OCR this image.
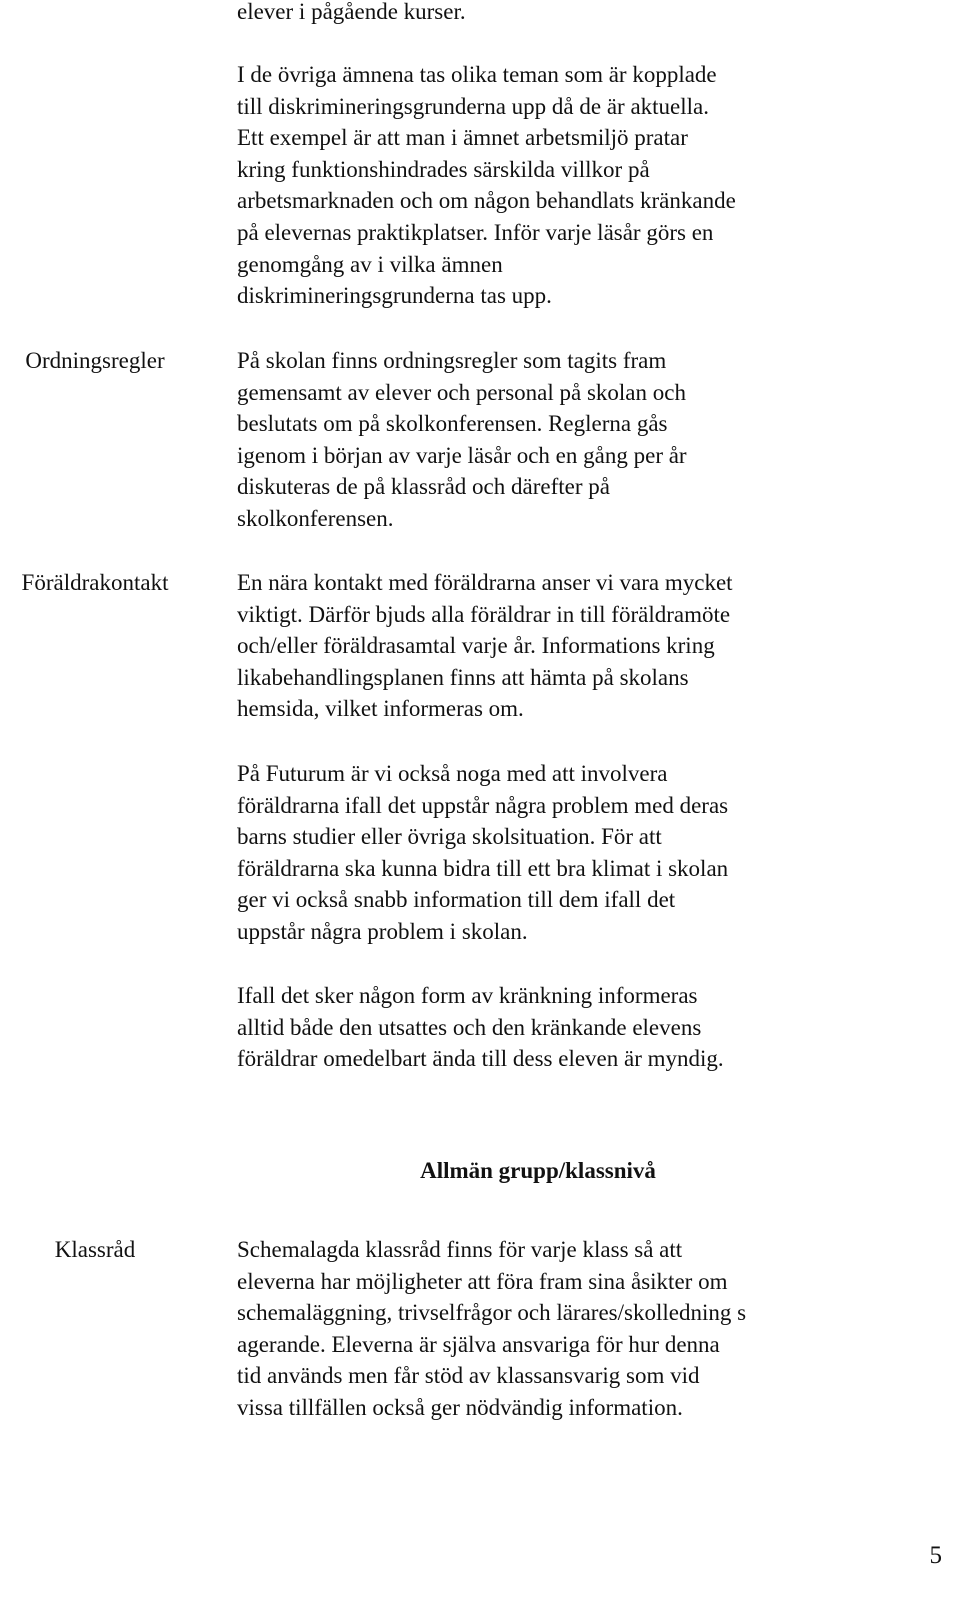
elever i pågående kurser.

I de övriga ämnena tas olika teman som är kopplade
till diskrimineringsgrunderna upp då de är aktuella.
Ett exempel är att man i ämnet arbetsmiljö pratar
kring funktionshindrades särskilda villkor på
arbetsmarknaden och om någon behandlats kränkande
på elevernas praktikplatser. Inför varje läsår görs en
genomgång av i vilka ämnen
diskrimineringsgrunderna tas upp.

Ordningsregler	På skolan finns ordningsregler som tagits fram
gemensamt av elever och personal på skolan och
beslutats om på skolkonferensen. Reglerna gås
igenom i början av varje läsår och en gång per år
diskuteras de på klassråd och därefter på
skolkonferensen.

Föräldrakontakt	En nära kontakt med föräldrarna anser vi vara mycket
viktigt. Därför bjuds alla föräldrar in till föräldramöte
och/eller föräldrasamtal varje år. Informations kring
likabehandlingsplanen finns att hämta på skolans
hemsida, vilket informeras om.

På Futurum är vi också noga med att involvera
föräldrarna ifall det uppstår några problem med deras
barns studier eller övriga skolsituation. För att
föräldrarna ska kunna bidra till ett bra klimat i skolan
ger vi också snabb information till dem ifall det
uppstår några problem i skolan.

Ifall det sker någon form av kränkning informeras
alltid både den utsattes och den kränkande elevens
föräldrar omedelbart ända till dess eleven är myndig.

Allmän grupp/klassnivå
Klassråd	Schemalagda klassråd finns för varje klass så att
eleverna har möjligheter att föra fram sina åsikter om
schemaläggning, trivselfrågor och lärares/skolledning s
agerande. Eleverna är själva ansvariga för hur denna
tid används men får stöd av klassansvarig som vid
vissa tillfällen också ger nödvändig information.

5
